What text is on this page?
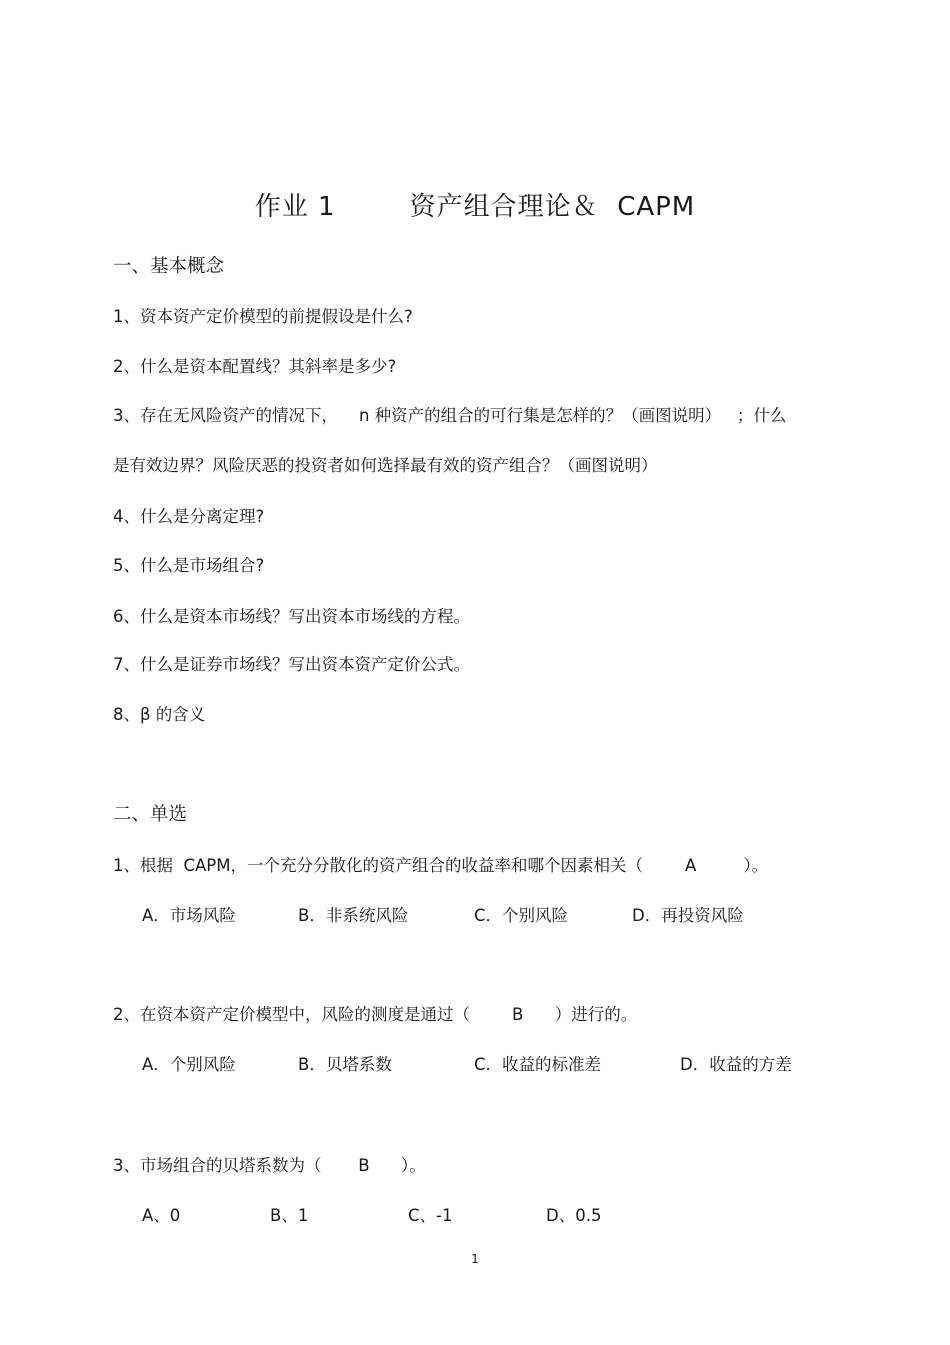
作业 1        资产组合理论＆  CAPM
一、基本概念
1、资本资产定价模型的前提假设是什么?
2、什么是资本配置线？其斜率是多少?
3、存在无风险资产的情况下，    n 种资产的组合的可行集是怎样的？（画图说明）   ；什么
是有效边界？风险厌恶的投资者如何选择最有效的资产组合？（画图说明）
4、什么是分离定理?
5、什么是市场组合?
6、什么是资本市场线？写出资本市场线的方程。
7、什么是证券市场线？写出资本资产定价公式。
8、β 的含义
二、单选
1、根据  CAPM，一个充分分散化的资产组合的收益率和哪个因素相关（        A         ）。
A．市场风险	B．非系统风险	C．个别风险	D．再投资风险
2、在资本资产定价模型中，风险的测度是通过（        B      ）进行的。
A．个别风险	B．贝塔系数	C．收益的标准差	D．收益的方差
3、市场组合的贝塔系数为（       B      ）。
A、0	B、1	C、-1	D、0.5
1
